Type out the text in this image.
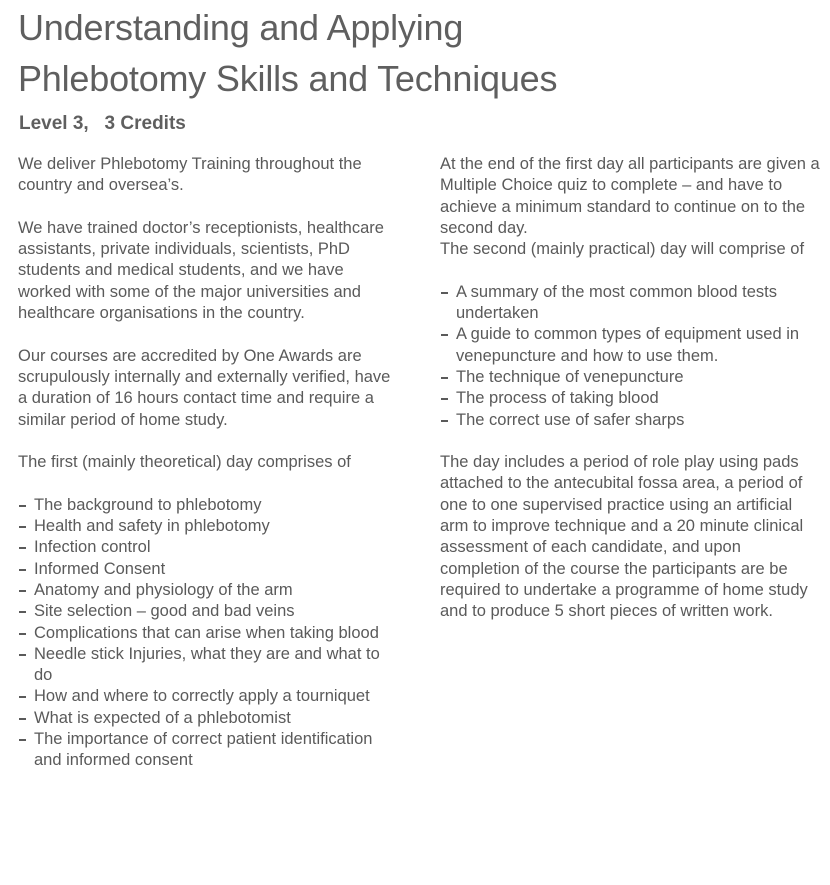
Understanding and Applying
Phlebotomy Skills and Techniques
Level 3,   3 Credits

We deliver Phlebotomy Training throughout the country and oversea’s.

We have trained doctor’s receptionists, healthcare assistants, private individuals, scientists, PhD students and medical students, and we have worked with some of the major universities and healthcare organisations in the country.

Our courses are accredited by One Awards are scrupulously internally and externally verified, have a duration of 16 hours contact time and require a similar period of home study.

The first (mainly theoretical) day comprises of

The background to phlebotomy
Health and safety in phlebotomy
Infection control
Informed Consent
Anatomy and physiology of the arm
Site selection – good and bad veins
Complications that can arise when taking blood
Needle stick Injuries, what they are and what to do
How and where to correctly apply a tourniquet
What is expected of a phlebotomist
The importance of correct patient identification and informed consent

At the end of the first day all participants are given a Multiple Choice quiz to complete – and have to achieve a minimum standard to continue on to the second day.

The second (mainly practical) day will comprise of

A summary of the most common blood tests undertaken
A guide to common types of equipment used in venepuncture and how to use them.
The technique of venepuncture
The process of taking blood
The correct use of safer sharps

The day includes a period of role play using pads attached to the antecubital fossa area, a period of one to one supervised practice using an artificial arm to improve technique and a 20 minute clinical assessment of each candidate, and upon completion of the course the participants are be required to undertake a programme of home study and to produce 5 short pieces of written work.
